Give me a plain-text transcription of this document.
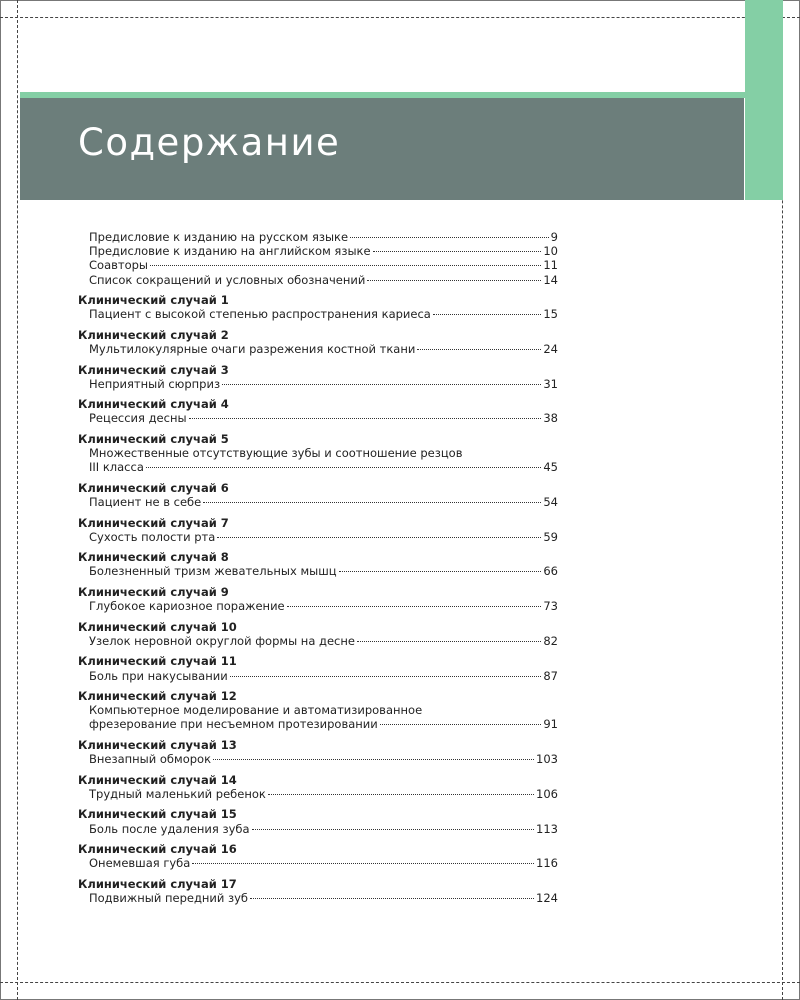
Содержание
Предисловие к изданию на русском языке	9
Предисловие к изданию на английском языке	10
Соавторы	11
Список сокращений и условных обозначений	14
Клинический случай 1
Пациент с высокой степенью распространения кариеса	15
Клинический случай 2
Мультилокулярные очаги разрежения костной ткани	24
Клинический случай 3
Неприятный сюрприз	31
Клинический случай 4
Рецессия десны	38
Клинический случай 5
Множественные отсутствующие зубы и соотношение резцов
III класса	45
Клинический случай 6
Пациент не в себе	54
Клинический случай 7
Сухость полости рта	59
Клинический случай 8
Болезненный тризм жевательных мышц	66
Клинический случай 9
Глубокое кариозное поражение	73
Клинический случай 10
Узелок неровной округлой формы на десне	82
Клинический случай 11
Боль при накусывании	87
Клинический случай 12
Компьютерное моделирование и автоматизированное
фрезерование при несъемном протезировании	91
Клинический случай 13
Внезапный обморок	103
Клинический случай 14
Трудный маленький ребенок	106
Клинический случай 15
Боль после удаления зуба	113
Клинический случай 16
Онемевшая губа	116
Клинический случай 17
Подвижный передний зуб	124
